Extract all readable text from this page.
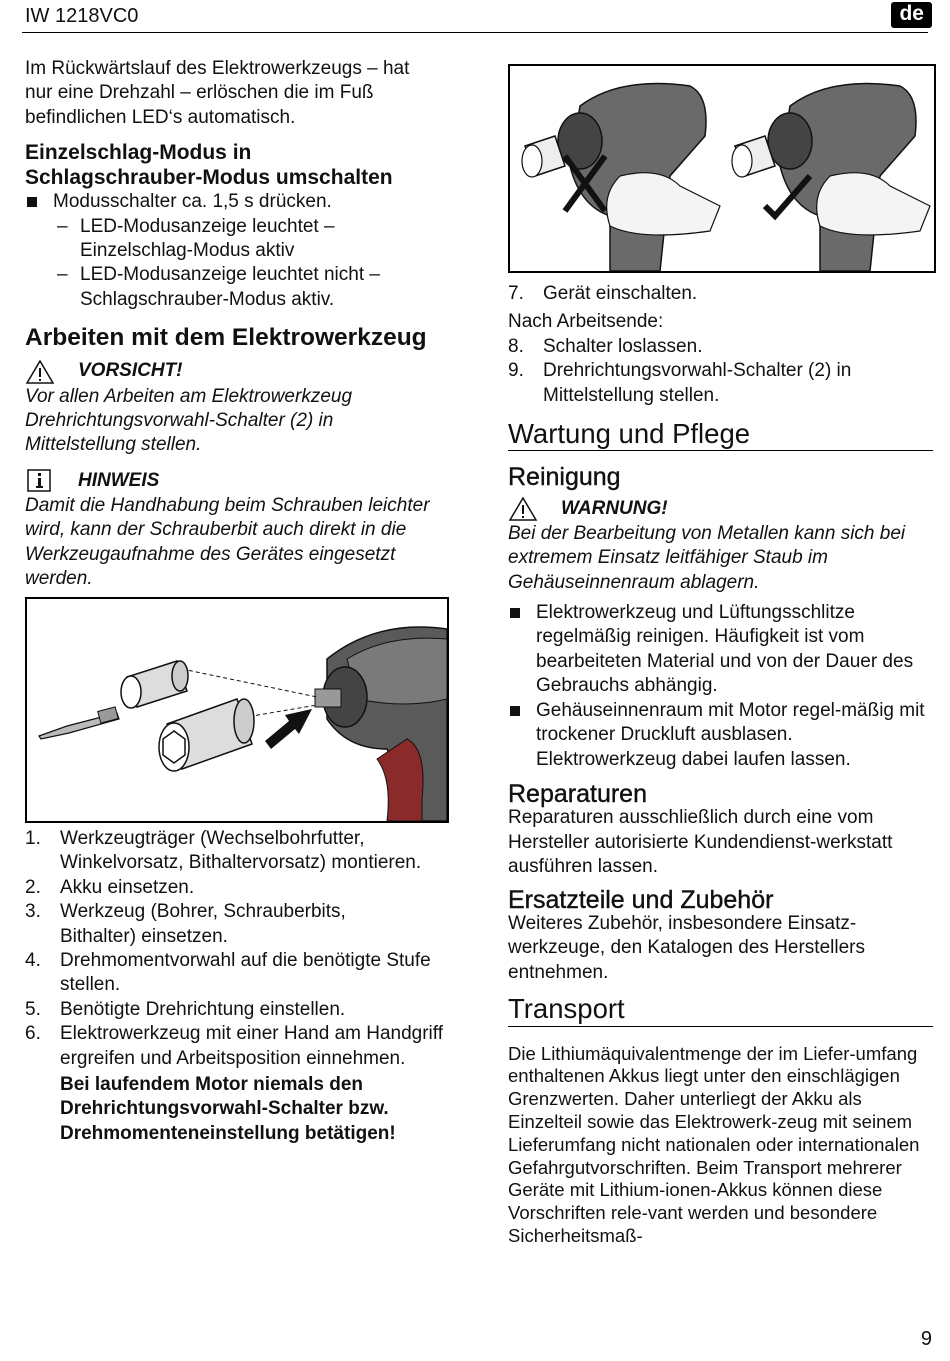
IW 1218VC0	de

Im Rückwärtslauf des Elektrowerkzeugs – hat nur eine Drehzahl – erlöschen die im Fuß befindlichen LED‘s automatisch.

Einzelschlag-Modus in
Schlagschrauber-Modus umschalten
Modusschalter ca. 1,5 s drücken.
– LED-Modusanzeige leuchtet –
Einzelschlag-Modus aktiv
– LED-Modusanzeige leuchtet nicht –
Schlagschrauber-Modus aktiv.
Arbeiten mit dem Elektrowerkzeug
VORSICHT!

Vor allen Arbeiten am Elektrowerkzeug Drehrichtungsvorwahl-Schalter (2) in Mittelstellung stellen.

HINWEIS

Damit die Handhabung beim Schrauben leichter wird, kann der Schrauberbit auch direkt in die Werkzeugaufnahme des Gerätes eingesetzt werden.

1. Werkzeugträger (Wechselbohrfutter, Winkelvorsatz, Bithaltervorsatz) montieren.
2. Akku einsetzen.
3. Werkzeug (Bohrer, Schrauberbits, Bithalter) einsetzen.
4. Drehmomentvorwahl auf die benötigte Stufe stellen.
5. Benötigte Drehrichtung einstellen.
6. Elektrowerkzeug mit einer Hand am Handgriff ergreifen und Arbeitsposition einnehmen.
Bei laufendem Motor niemals den Drehrichtungsvorwahl-Schalter bzw. Drehmomenteneinstellung betätigen!
7. Gerät einschalten.

Nach Arbeitsende:

8. Schalter loslassen.
9. Drehrichtungsvorwahl-Schalter (2) in Mittelstellung stellen.
Wartung und Pflege
Reinigung
WARNUNG!

Bei der Bearbeitung von Metallen kann sich bei extremem Einsatz leitfähiger Staub im Gehäuseinnenraum ablagern.

Elektrowerkzeug und Lüftungsschlitze regelmäßig reinigen. Häufigkeit ist vom bearbeiteten Material und von der Dauer des Gebrauchs abhängig.
Gehäuseinnenraum mit Motor regel-mäßig mit trockener Druckluft ausblasen. Elektrowerkzeug dabei laufen lassen.
Reparaturen

Reparaturen ausschließlich durch eine vom Hersteller autorisierte Kundendienst-werkstatt ausführen lassen.

Ersatzteile und Zubehör

Weiteres Zubehör, insbesondere Einsatz-werkzeuge, den Katalogen des Herstellers entnehmen.

Transport

Die Lithiumäquivalentmenge der im Liefer-umfang enthaltenen Akkus liegt unter den einschlägigen Grenzwerten. Daher unterliegt der Akku als Einzelteil sowie das Elektrowerk-zeug mit seinem Lieferumfang nicht nationalen oder internationalen Gefahrgutvorschriften. Beim Transport mehrerer Geräte mit Lithium-ionen-Akkus können diese Vorschriften rele-vant werden und besondere Sicherheitsmaß-

9
